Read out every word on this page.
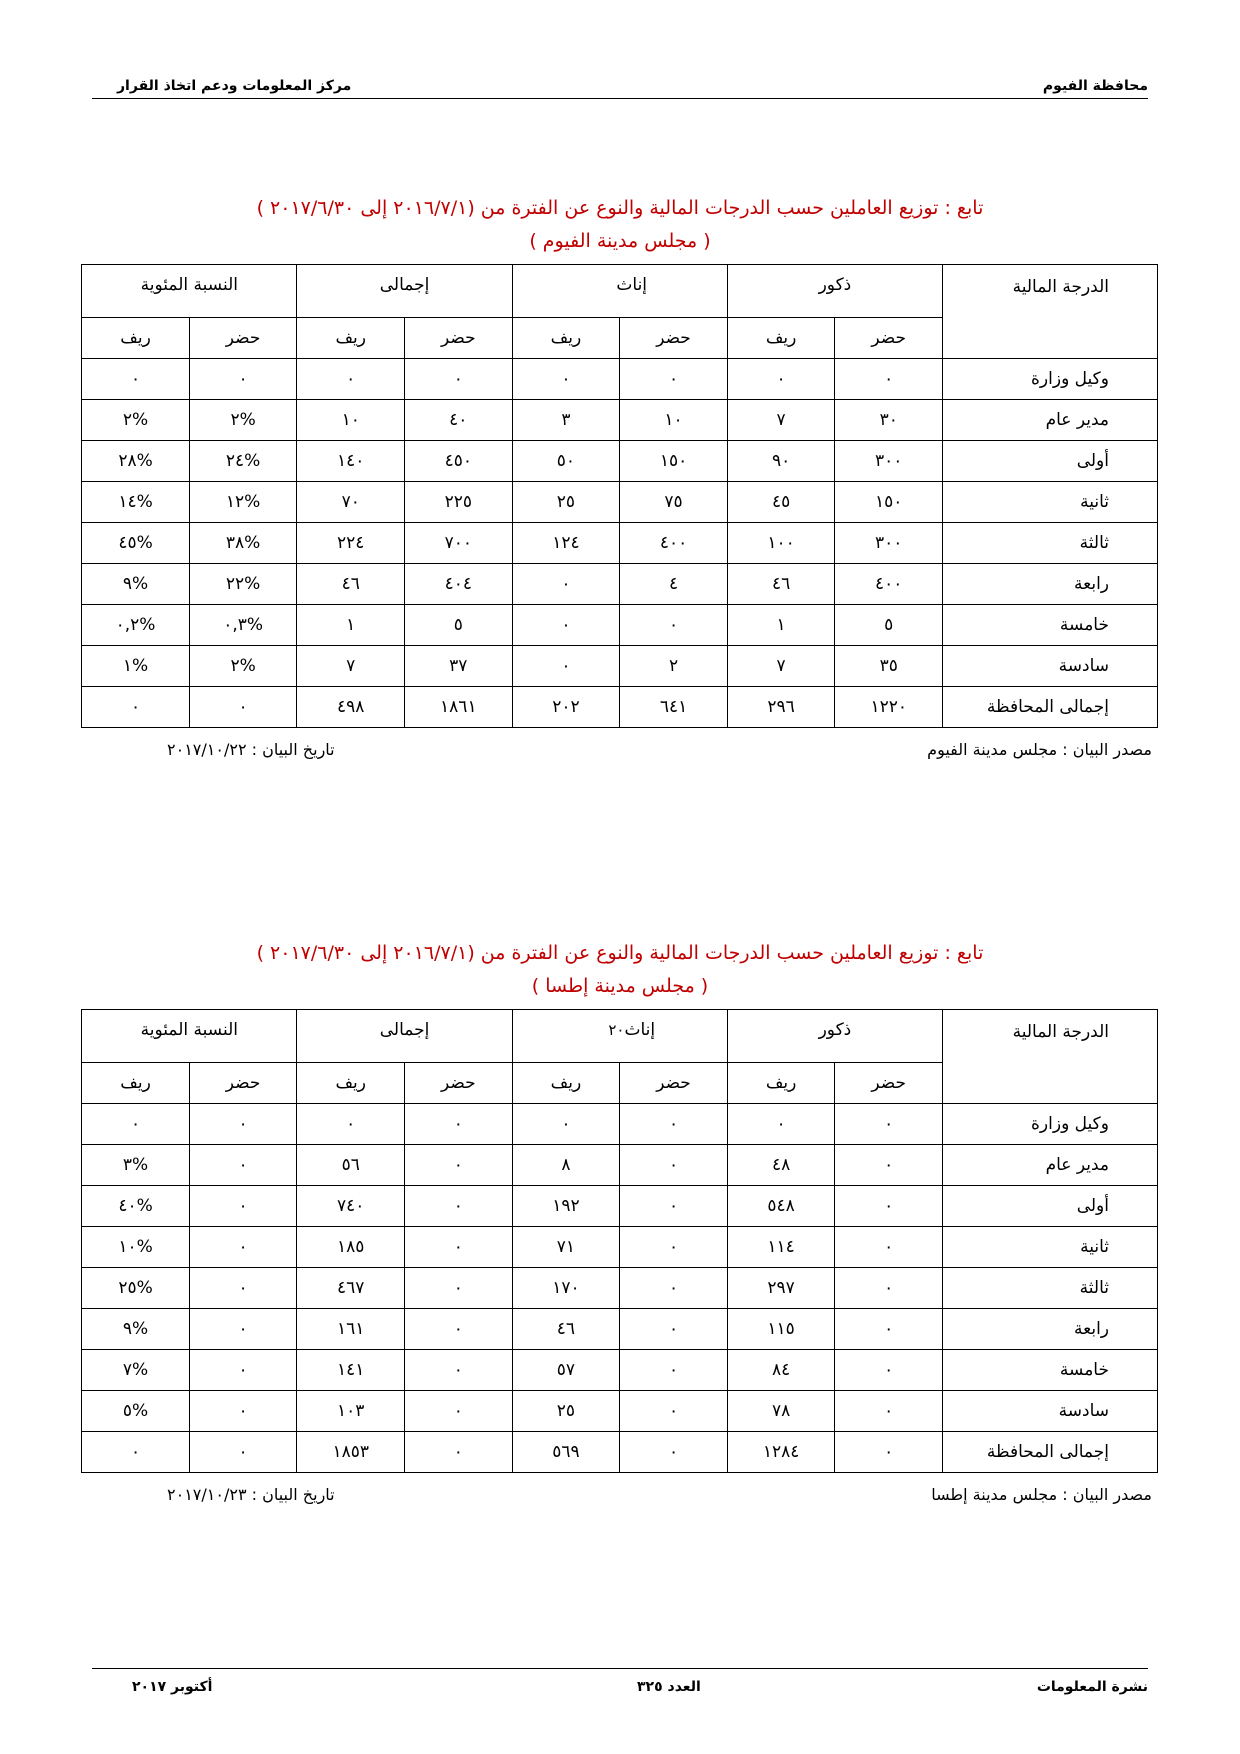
محافظة الفيوم
مركز المعلومات ودعم اتخاذ القرار
تابع : توزيع العاملين حسب الدرجات المالية والنوع عن الفترة من (٢٠١٦/٧/١ إلى ٢٠١٧/٦/٣٠ )
( مجلس مدينة الفيوم )
الدرجة المالية	ذكور		إناث		إجمالى		النسبة المئوية	
	حضر	ريف	حضر	ريف	حضر	ريف	حضر	ريف
وكيل وزارة	٠	٠	٠	٠	٠	٠	٠	٠
مدير عام	٣٠	٧	١٠	٣	٤٠	١٠	%٢	%٢
أولى	٣٠٠	٩٠	١٥٠	٥٠	٤٥٠	١٤٠	%٢٤	%٢٨
ثانية	١٥٠	٤٥	٧٥	٢٥	٢٢٥	٧٠	%١٢	%١٤
ثالثة	٣٠٠	١٠٠	٤٠٠	١٢٤	٧٠٠	٢٢٤	%٣٨	%٤٥
رابعة	٤٠٠	٤٦	٤	٠	٤٠٤	٤٦	%٢٢	%٩
خامسة	٥	١	٠	٠	٥	١	%٠,٣	%٠,٢
سادسة	٣٥	٧	٢	٠	٣٧	٧	%٢	%١
إجمالى المحافظة	١٢٢٠	٢٩٦	٦٤١	٢٠٢	١٨٦١	٤٩٨	٠	٠
مصدر البيان : مجلس مدينة الفيوم
تاريخ البيان : ٢٠١٧/١٠/٢٢
تابع : توزيع العاملين حسب الدرجات المالية والنوع عن الفترة من (٢٠١٦/٧/١ إلى ٢٠١٧/٦/٣٠ )
( مجلس مدينة إطسا )
الدرجة المالية	ذكور		إناث٢٠		إجمالى		النسبة المئوية	
	حضر	ريف	حضر	ريف	حضر	ريف	حضر	ريف
وكيل وزارة	٠	٠	٠	٠	٠	٠	٠	٠
مدير عام	٠	٤٨	٠	٨	٠	٥٦	٠	%٣
أولى	٠	٥٤٨	٠	١٩٢	٠	٧٤٠	٠	%٤٠
ثانية	٠	١١٤	٠	٧١	٠	١٨٥	٠	%١٠
ثالثة	٠	٢٩٧	٠	١٧٠	٠	٤٦٧	٠	%٢٥
رابعة	٠	١١٥	٠	٤٦	٠	١٦١	٠	%٩
خامسة	٠	٨٤	٠	٥٧	٠	١٤١	٠	%٧
سادسة	٠	٧٨	٠	٢٥	٠	١٠٣	٠	%٥
إجمالى المحافظة	٠	١٢٨٤	٠	٥٦٩	٠	١٨٥٣	٠	٠
مصدر البيان : مجلس مدينة إطسا
تاريخ البيان : ٢٠١٧/١٠/٢٣
نشرة المعلومات
العدد ٣٢٥
أكتوبر ٢٠١٧
